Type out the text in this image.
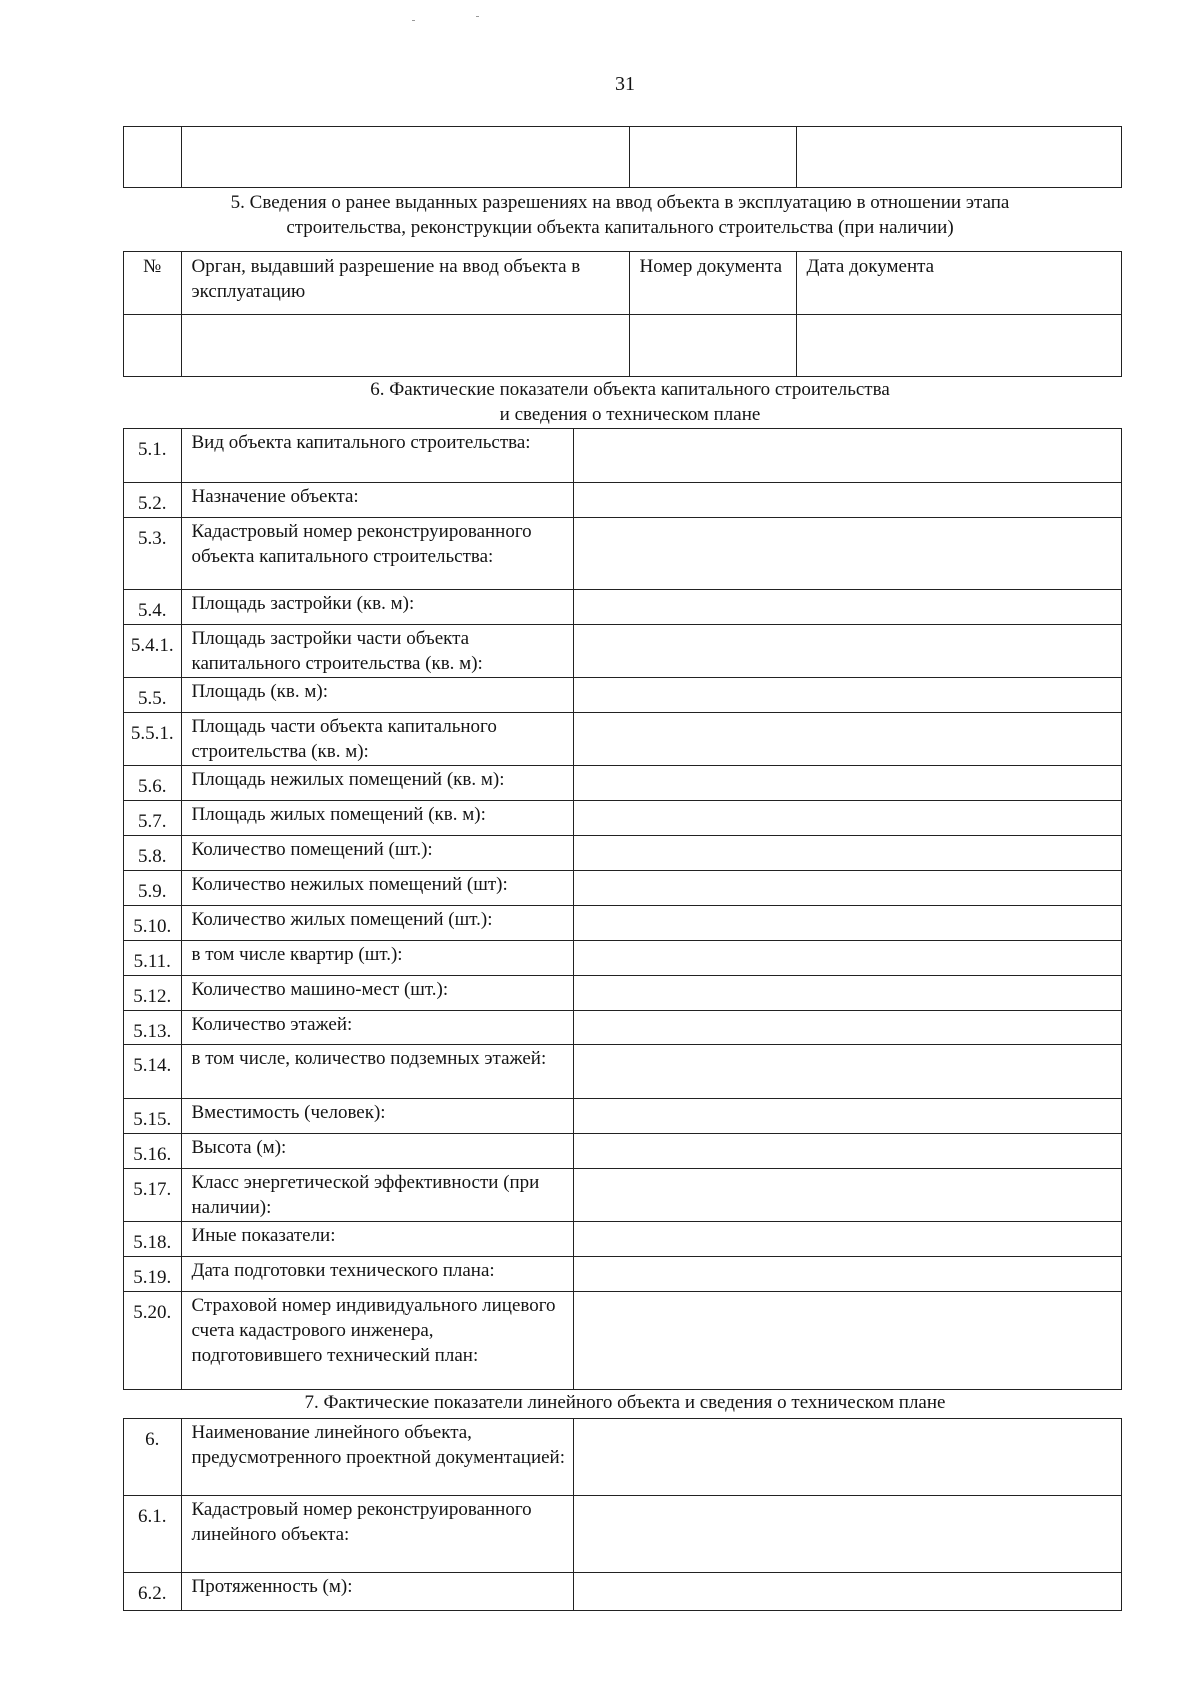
31

5. Сведения о ранее выданных разрешениях на ввод объекта в эксплуатацию в отношении этапа
строительства, реконструкции объекта капитального строительства (при наличии)
№	Орган, выдавший разрешение на ввод объекта в эксплуатацию	Номер документа	Дата документа

6. Фактические показатели объекта капитального строительства
и сведения о техническом плане
5.1.	Вид объекта капитального строительства:	
5.2.	Назначение объекта:	
5.3.	Кадастровый номер реконструированного объекта капитального строительства:	
5.4.	Площадь застройки (кв. м):	
5.4.1.	Площадь застройки части объекта капитального строительства (кв. м):	
5.5.	Площадь (кв. м):	
5.5.1.	Площадь части объекта капитального строительства (кв. м):	
5.6.	Площадь нежилых помещений (кв. м):	
5.7.	Площадь жилых помещений (кв. м):	
5.8.	Количество помещений (шт.):	
5.9.	Количество нежилых помещений (шт):	
5.10.	Количество жилых помещений (шт.):	
5.11.	в том числе квартир (шт.):	
5.12.	Количество машино-мест (шт.):	
5.13.	Количество этажей:	
5.14.	в том числе, количество подземных этажей:	
5.15.	Вместимость (человек):	
5.16.	Высота (м):	
5.17.	Класс энергетической эффективности (при наличии):	
5.18.	Иные показатели:	
5.19.	Дата подготовки технического плана:	
5.20.	Страховой номер индивидуального лицевого счета кадастрового инженера, подготовившего технический план:	
7. Фактические показатели линейного объекта и сведения о техническом плане
6.	Наименование линейного объекта, предусмотренного проектной документацией:	
6.1.	Кадастровый номер реконструированного линейного объекта:	
6.2.	Протяженность (м):	
